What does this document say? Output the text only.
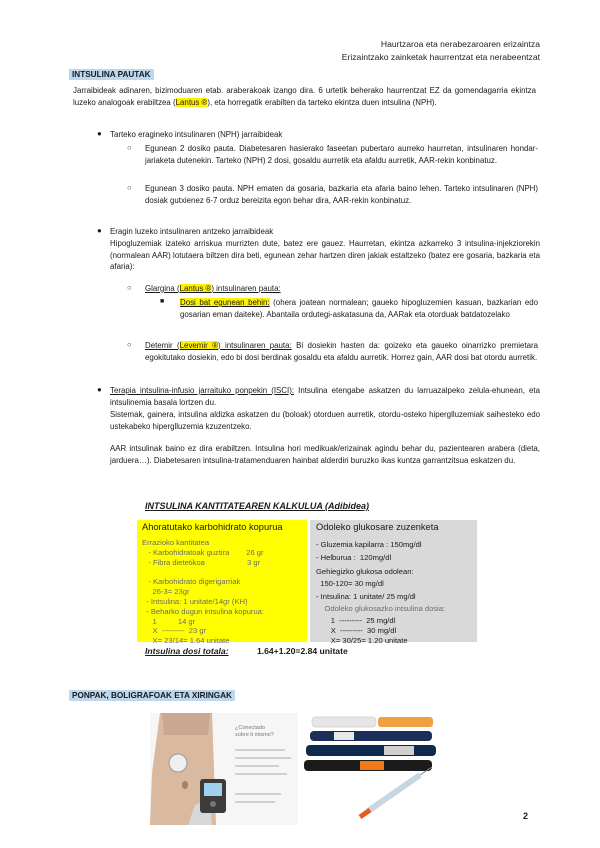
Haurtzaroa eta nerabezaroaren erizaintza
Erizaintzako zainketak haurrentzat eta nerabeentzat
INTSULINA PAUTAK
Jarraibideak adinaren, bizimoduaren etab. araberakoak izango dira. 6 urtetik beherako haurrentzat EZ da gomendagarria ekintza luzeko analogoak erabiltzea (Lantus ®), eta horregatik erabilten da tarteko ekintza duen intsulina (NPH).
● Tarteko eragineko intsulinaren (NPH) jarraibideak
○ Egunean 2 dosiko pauta. Diabetesaren hasierako faseetan pubertaro aurreko haurretan, intsulinaren hondar-jariaketa dutenekin. Tarteko (NPH) 2 dosi, gosaldu aurretik eta afaldu aurretik, AAR-rekin konbinatuz.
○ Egunean 3 dosiko pauta. NPH ematen da gosaria, bazkaria eta afaria baino lehen. Tarteko intsulinaren (NPH) dosiak gutxienez 6-7 orduz bereizita egon behar dira, AAR-rekin konbinatuz.
● Eragin luzeko intsulinaren antzeko jarraibideak
Hipogluzemiak izateko arriskua murrizten dute, batez ere gauez. Haurretan, ekintza azkarreko 3 intsulina-injekziorekin (normalean AAR) lotutaera biltzen dira beti, egunean zehar hartzen diren jakiak estaltzeko (batez ere gosaria, bazkaria eta afaria):
○ Glargina (Lantus ®) intsulinaren pauta:
■ Dosi bat egunean behin: (ohera joatean normalean; gaueko hipogluzemien kasuan, bazkarian edo gosarian eman daiteke). Abantaila ordutegi-askatasuna da, AARak eta otorduak batdatozelako
○ Detemir (Levemir ®) intsulinaren pauta: Bi dosiekin hasten da: goizeko eta gaueko oinarrizko premietara egokitutako dosiekin, edo bi dosi berdinak gosaldu eta afaldu aurretik. Horrez gain, AAR dosi bat otordu aurretik.
● Terapia intsulina-infusio jarraituko ponpekin (ISCI): Intsulina etengabe askatzen du larruazalpeko zelula-ehunean, eta intsulinemia basala lortzen du.
Sistemak, gainera, intsulina aldizka askatzen du (boloak) otorduen aurretik, otordu-osteko hiperglluzemiak saihesteko edo ustekabeko hiperglluzemia kzuzentzeko.
AAR intsulinak baino ez dira erabiltzen. Intsulina hori medikuak/erizainak agindu behar du, pazientearen arabera (dieta, jarduera…). Diabetesaren intsulina-tratamenduaren hainbat alderdiri buruzko ikas kuntza garrantzitsua eskatzen du.
INTSULINA KANTITATEAREN KALKULUA (Adibidea)
Ahoratutako karbohidrato kopurua
Errazioko kantitatea
- Karbohidratoak guztira        26 gr
- Fibra dietetikoa                    3 gr
- Karbohidrato digerigarriak
26-3= 23gr
- Intsulina: 1 unitate/14gr (KH)
- Beharko dugun intsulina kopurua:
1          14 gr
X  ---------  23 gr
X= 23/14= 1.64 unitate
Odoleko glukosare zuzenketa
- Gluzemia kapilarra : 150mg/dl
- Helburua :  120mg/dl
Gehiegizko glukosa odolean:
150-120= 30 mg/dl
- Intsulina: 1 unitate/ 25 mg/dl
Odoleko glukosazko intsulina dosia:
1  ---------  25 mg/dl
X  ---------  30 mg/dl
X= 30/25= 1.20 unitate
Intsulina dosi totala:	1.64+1.20=2.84 unitate
PONPAK, BOLIGRAFOAK ETA XIRINGAK
¿Conectado
sobre ti mismo?
2
